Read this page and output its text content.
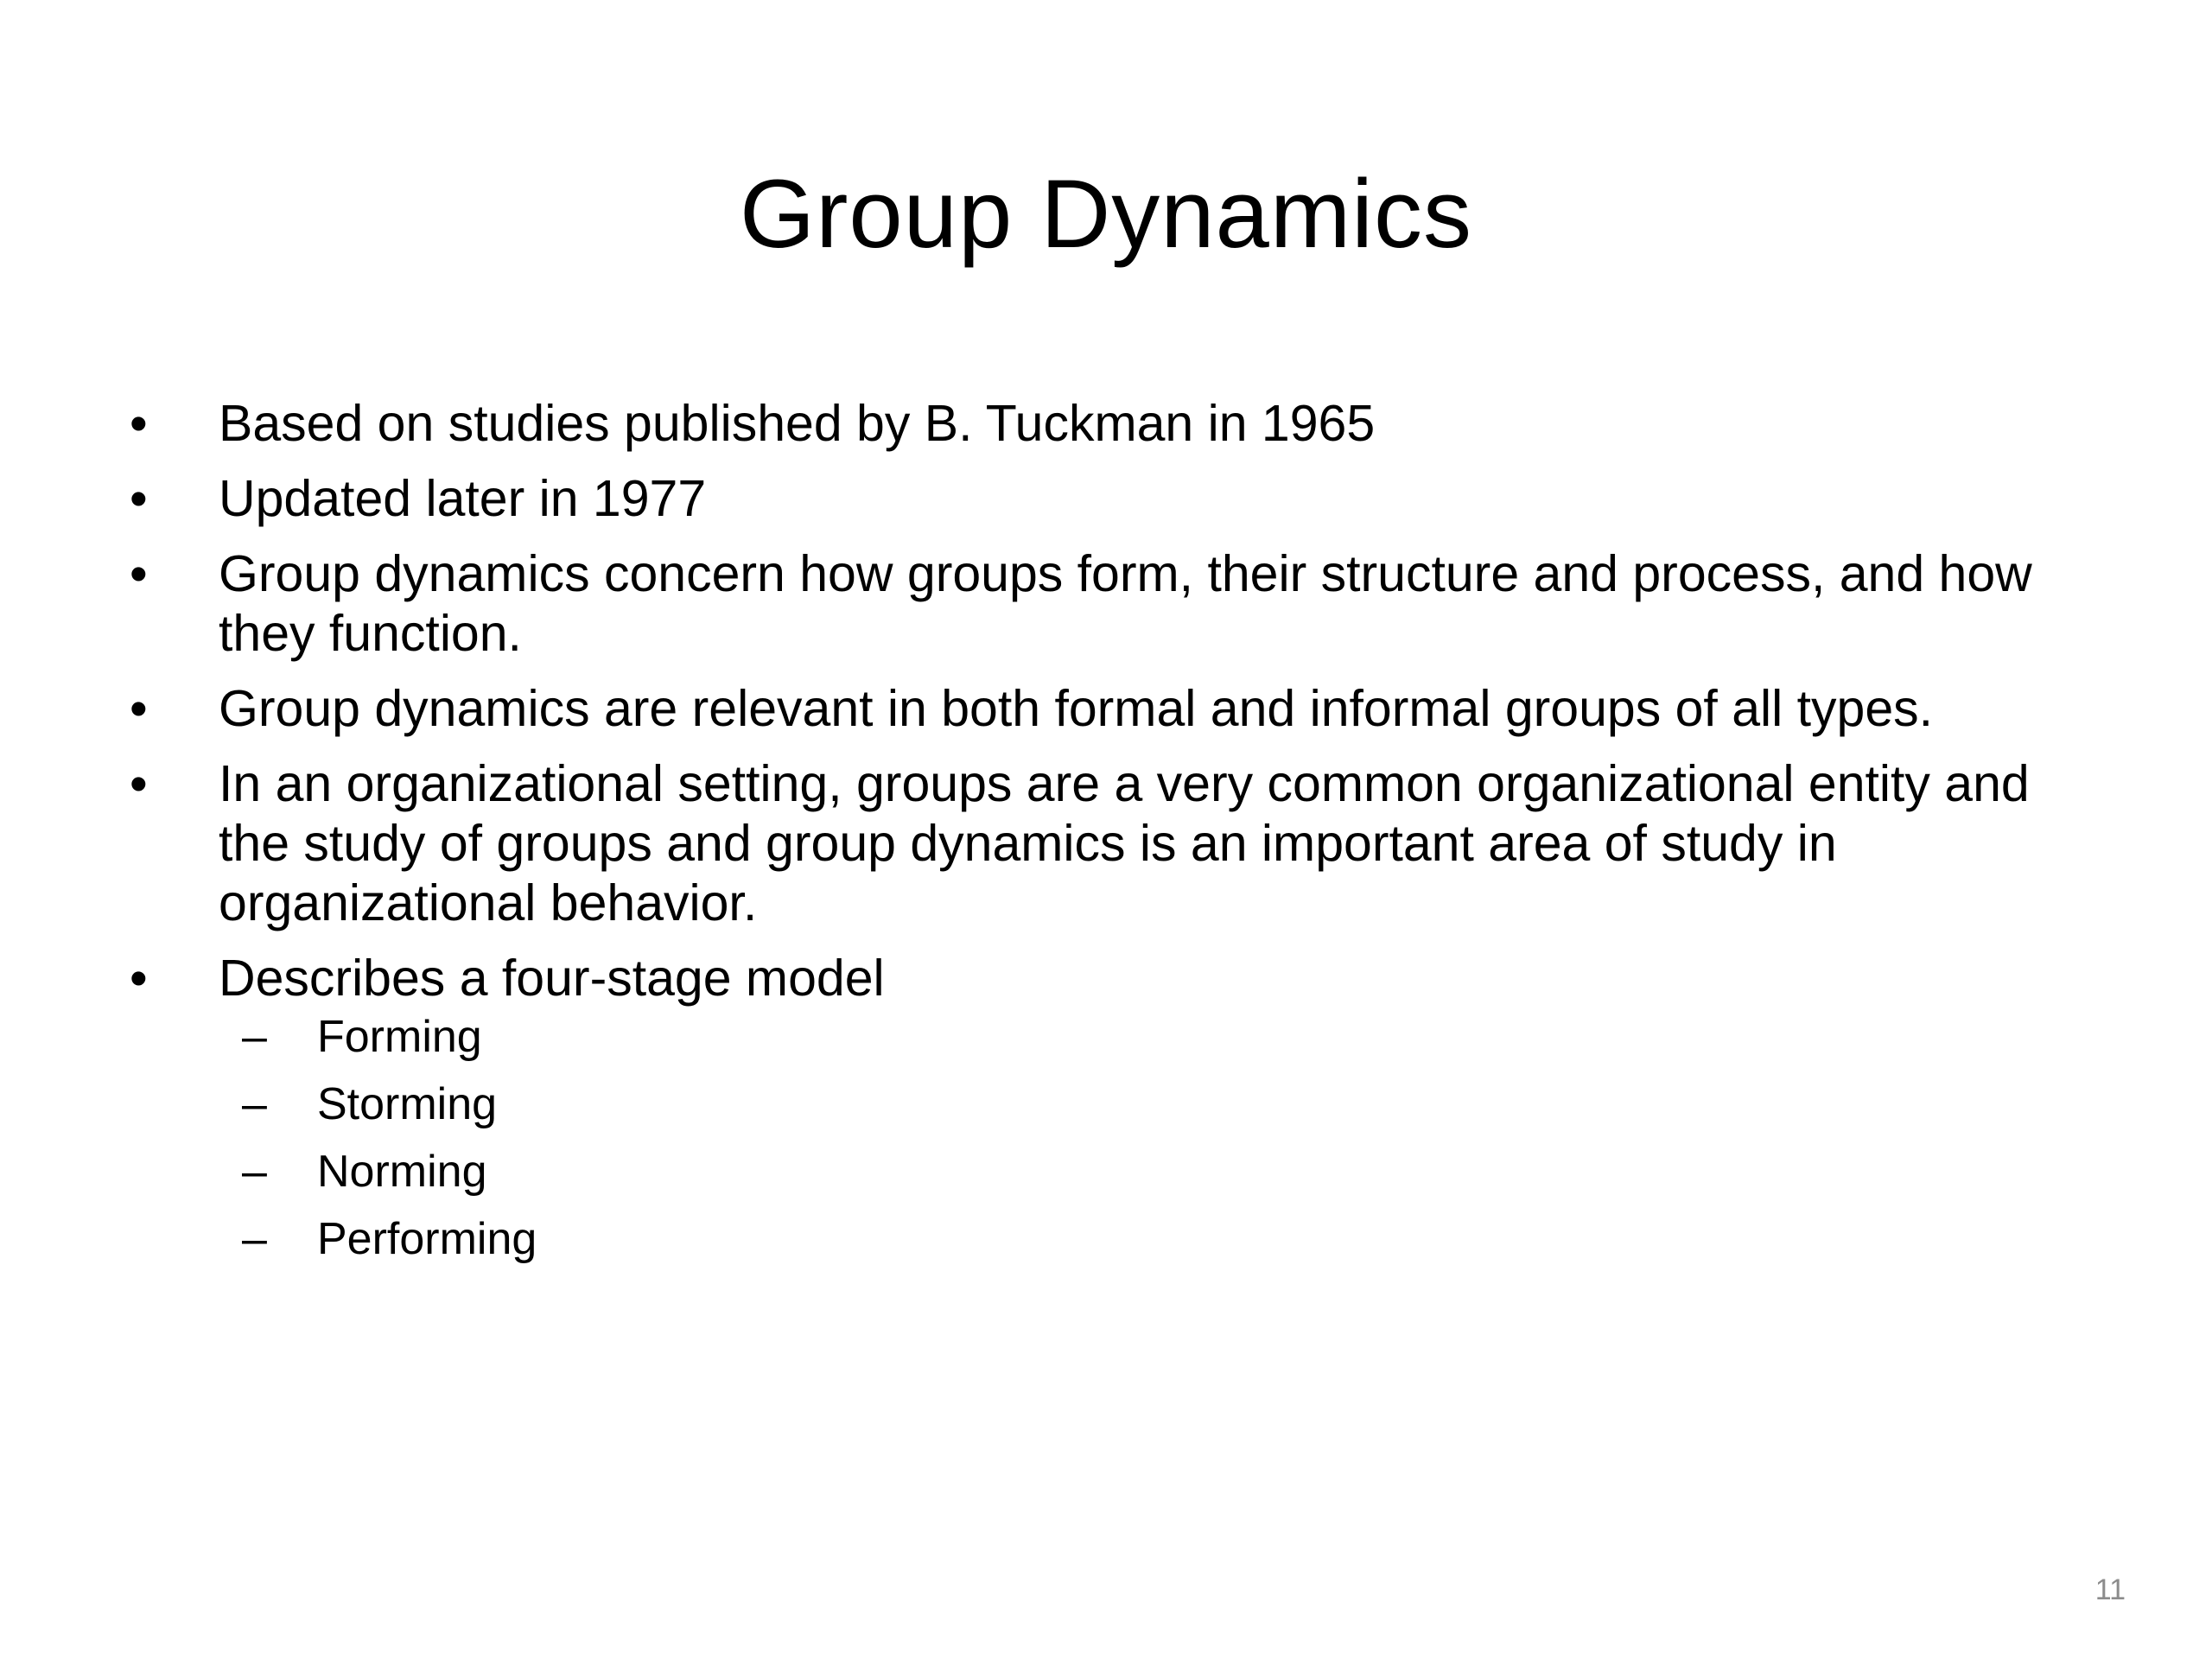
Group Dynamics
•	Based on studies published by B. Tuckman in 1965
•	Updated later in 1977
•	Group dynamics concern how groups form, their structure and process, and how they function.
•	Group dynamics are relevant in both formal and informal groups of all types.
•	In an organizational setting, groups are a very common organizational entity and the study of groups and group dynamics is an important area of study in organizational behavior.
•	Describes a four-stage model
– Forming
– Storming
– Norming
– Performing
11
